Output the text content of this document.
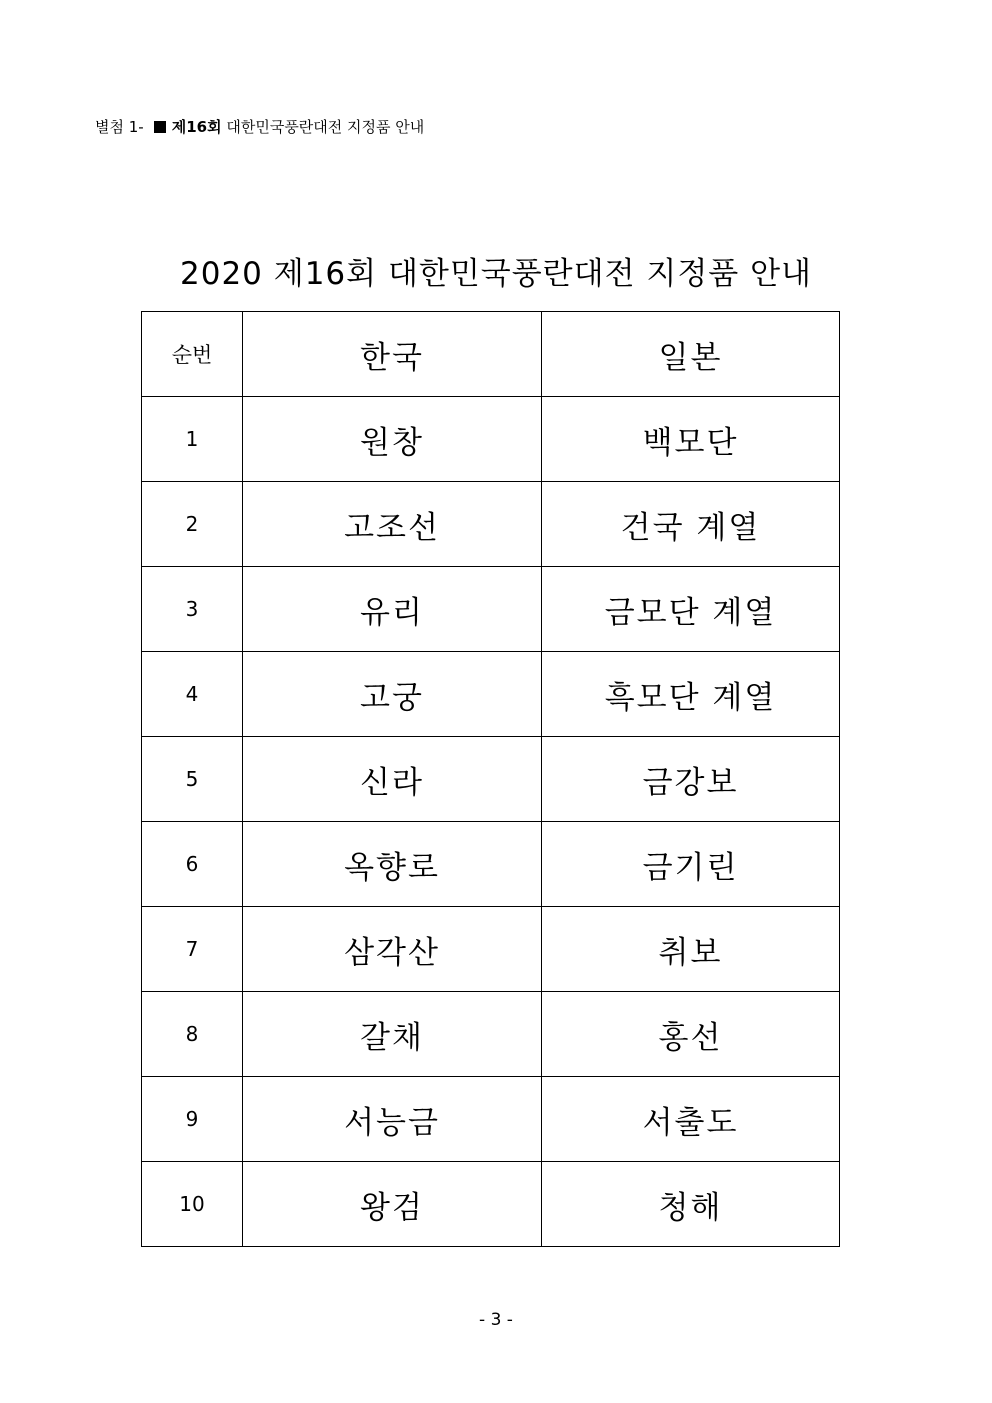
별첨 1- 제16회 대한민국풍란대전 지정품 안내
2020 제16회 대한민국풍란대전 지정품 안내
순번	한국	일본
1	원창	백모단
2	고조선	건국 계열
3	유리	금모단 계열
4	고궁	흑모단 계열
5	신라	금강보
6	옥향로	금기린
7	삼각산	취보
8	갈채	홍선
9	서능금	서출도
10	왕검	청해
- 3 -
